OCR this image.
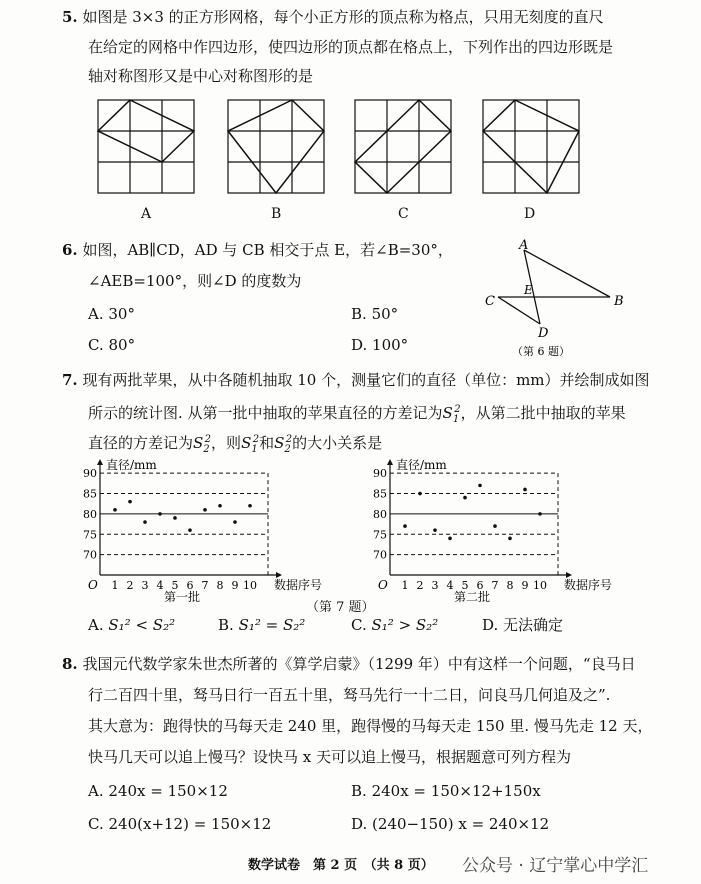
5. 如图是 3×3 的正方形网格，每个小正方形的顶点称为格点，只用无刻度的直尺
在给定的网格中作四边形，使四边形的顶点都在格点上，下列作出的四边形既是
轴对称图形又是中心对称图形的是
A	B	C	D
6. 如图，AB∥CD，AD 与 CB 相交于点 E，若∠B=30°，
∠AEB=100°，则∠D 的度数为
A. 30°	B. 50°
C. 80°	D. 100°
A
B
C
D
E
（第 6 题）
7. 现有两批苹果，从中各随机抽取 10 个，测量它们的直径（单位：mm）并绘制成如图
所示的统计图. 从第一批中抽取的苹果直径的方差记为$S_1^2$，从第二批中抽取的苹果
直径的方差记为$S_2^2$，则$S_1^2$和$S_2^2$的大小关系是
70
75
80
85
90
1 2 3 4 5 6 7 8 9 10
O
直径/mm
数据序号
第一批
70
75
80
85
90
1 2 3 4 5 6 7 8 9 10
O
直径/mm
数据序号
第二批
（第 7 题）
A. S₁² < S₂²	B. S₁² = S₂²	C. S₁² > S₂²	D. 无法确定
8. 我国元代数学家朱世杰所著的《算学启蒙》（1299 年）中有这样一个问题，“良马日
行二百四十里，驽马日行一百五十里，驽马先行一十二日，问良马几何追及之”.
其大意为：跑得快的马每天走 240 里，跑得慢的马每天走 150 里. 慢马先走 12 天，
快马几天可以追上慢马？设快马 x 天可以追上慢马，根据题意可列方程为
A. 240x = 150×12	B. 240x = 150×12+150x
C. 240(x+12) = 150×12	D. (240−150) x = 240×12
数学试卷　第 2 页　（共 8 页） 公众号 · 辽宁掌心中学汇
